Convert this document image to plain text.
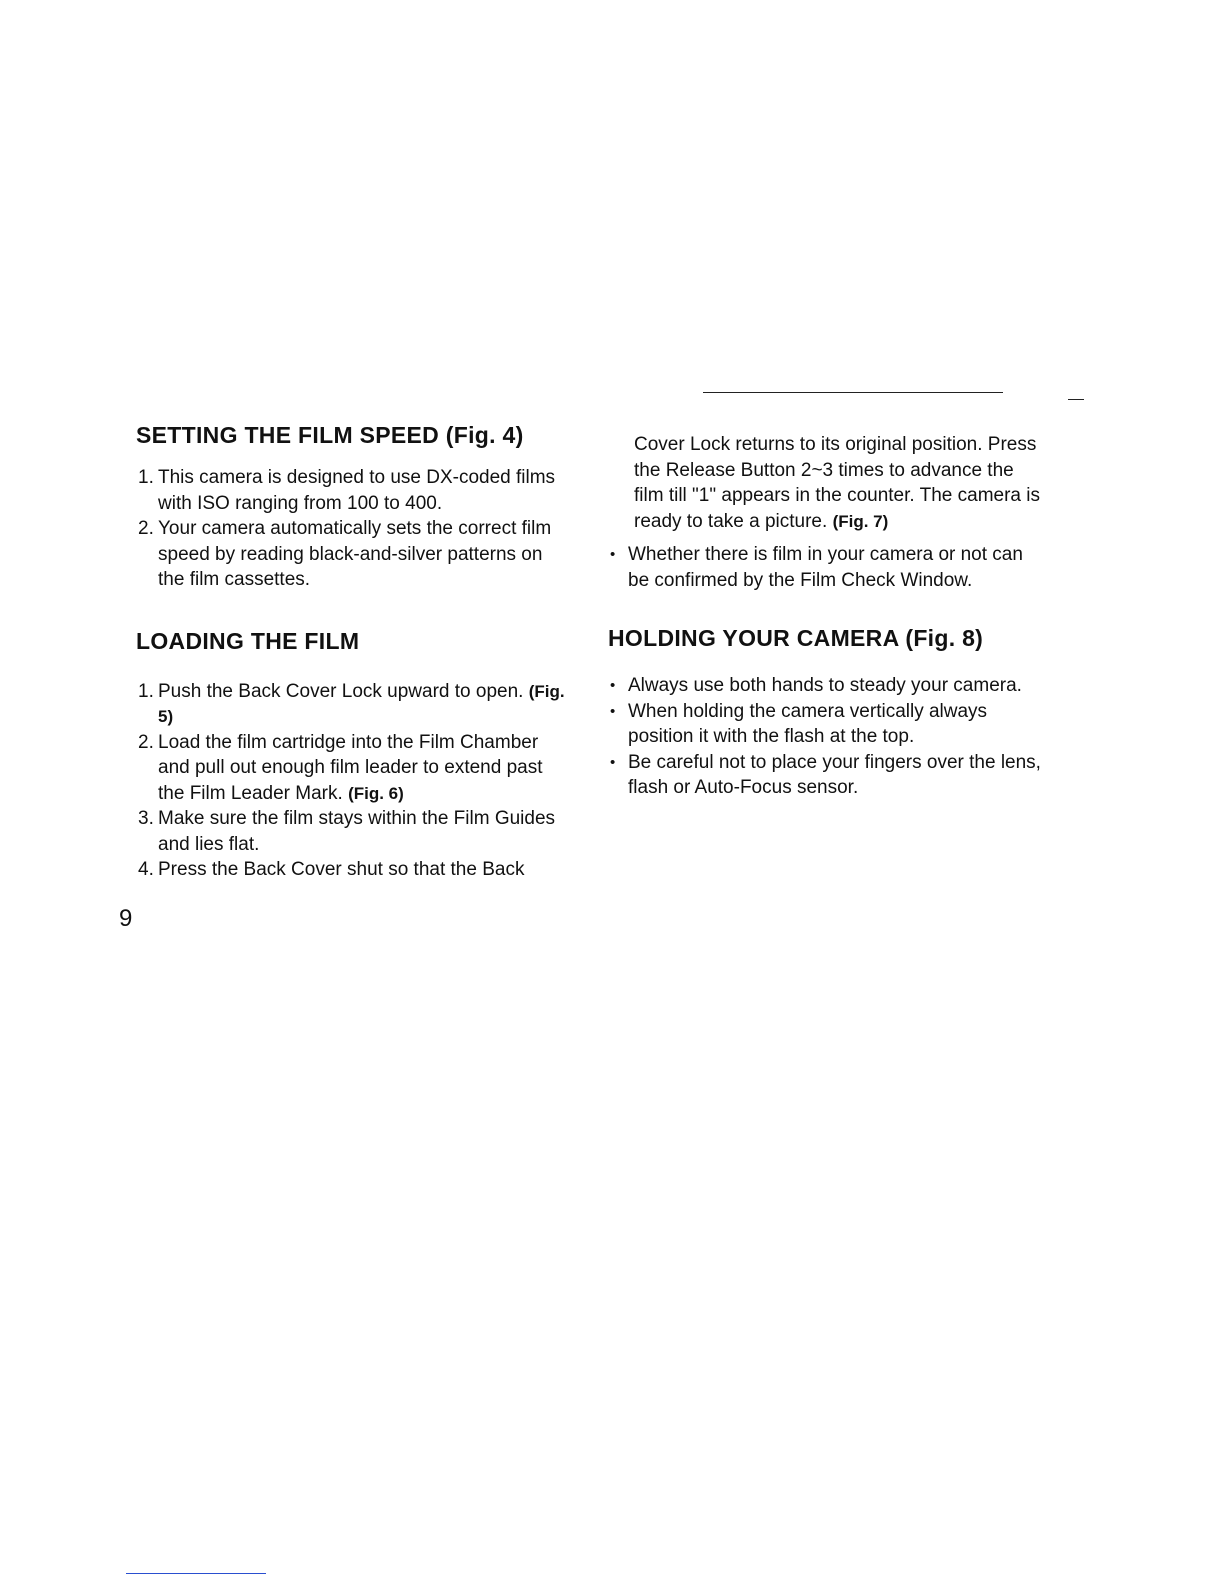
SETTING THE FILM SPEED (Fig. 4)
1. This camera is designed to use DX-coded films with ISO ranging from 100 to 400.
2. Your camera automatically sets the correct film speed by reading black-and-silver patterns on the film cassettes.
LOADING THE FILM
1. Push the Back Cover Lock upward to open. (Fig. 5)
2. Load the film cartridge into the Film Chamber and pull out enough film leader to extend past the Film Leader Mark. (Fig. 6)
3. Make sure the film stays within the Film Guides and lies flat.
4. Press the Back Cover shut so that the Back

Cover Lock returns to its original position. Press the Release Button 2~3 times to advance the film till "1" appears in the counter. The camera is ready to take a picture. (Fig. 7)

• Whether there is film in your camera or not can be confirmed by the Film Check Window.
HOLDING YOUR CAMERA (Fig. 8)
• Always use both hands to steady your camera.
• When holding the camera vertically always position it with the flash at the top.
• Be careful not to place your fingers over the lens, flash or Auto-Focus sensor.
9
